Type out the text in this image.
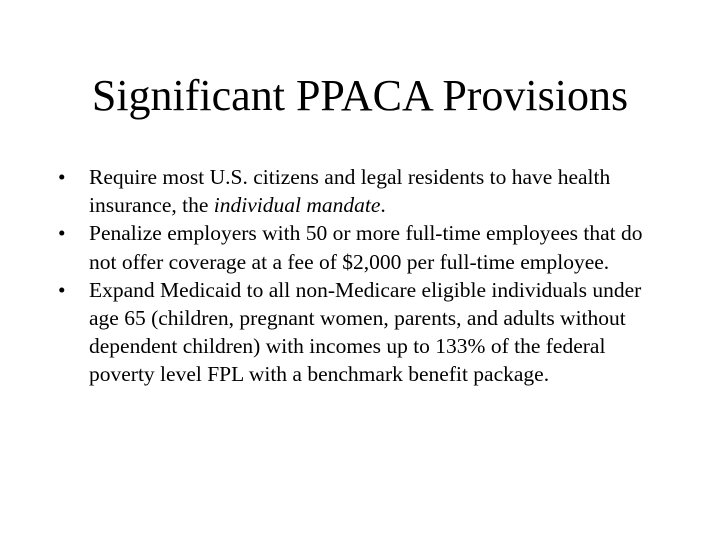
Significant PPACA Provisions
•	Require most U.S. citizens and legal residents to have health insurance, the individual mandate.
•	Penalize employers with 50 or more full-time employees that do not offer coverage at a fee of $2,000 per full-time employee.
•	Expand Medicaid to all non-Medicare eligible individuals under age 65 (children, pregnant women, parents, and adults without dependent children) with incomes up to 133% of the federal poverty level FPL with a benchmark benefit package.
